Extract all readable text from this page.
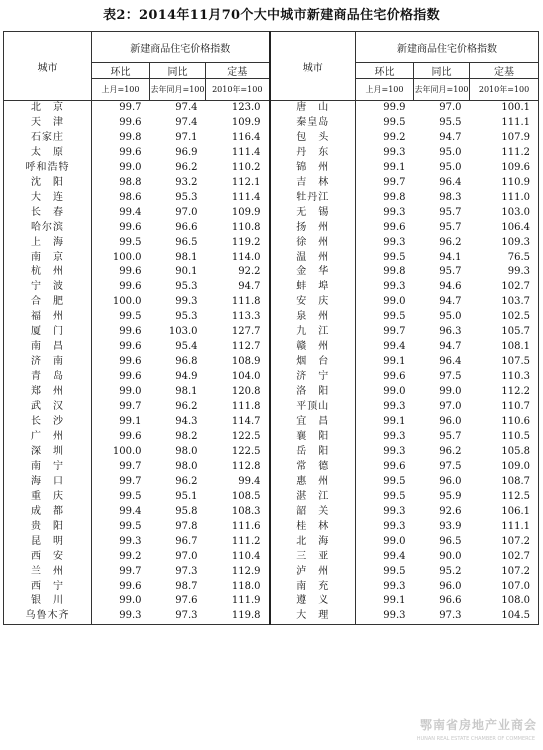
表2：2014年11月70个大中城市新建商品住宅价格指数
城市	新建商品住宅价格指数			城市	新建商品住宅价格指数		
	环比	同比	定基		环比	同比	定基
	上月=100	去年同月=100	2010年=100		上月=100	去年同月=100	2010年=100
北　京	99.7	97.4	123.0	唐　山	99.9	97.0	100.1
天　津	99.6	97.4	109.9	秦皇岛	99.5	95.5	111.1
石家庄	99.8	97.1	116.4	包　头	99.2	94.7	107.9
太　原	99.6	96.9	111.4	丹　东	99.3	95.0	111.2
呼和浩特	99.0	96.2	110.2	锦　州	99.1	95.0	109.6
沈　阳	98.8	93.2	112.1	吉　林	99.7	96.4	110.9
大　连	98.6	95.3	111.4	牡丹江	99.8	98.3	111.0
长　春	99.4	97.0	109.9	无　锡	99.3	95.7	103.0
哈尔滨	99.6	96.6	110.8	扬　州	99.6	95.7	106.4
上　海	99.5	96.5	119.2	徐　州	99.3	96.2	109.3
南　京	100.0	98.1	114.0	温　州	99.5	94.1	76.5
杭　州	99.6	90.1	92.2	金　华	99.8	95.7	99.3
宁　波	99.6	95.3	94.7	蚌　埠	99.3	94.6	102.7
合　肥	100.0	99.3	111.8	安　庆	99.0	94.7	103.7
福　州	99.5	95.3	113.3	泉　州	99.5	95.0	102.5
厦　门	99.6	103.0	127.7	九　江	99.7	96.3	105.7
南　昌	99.6	95.4	112.7	赣　州	99.4	94.7	108.1
济　南	99.6	96.8	108.9	烟　台	99.1	96.4	107.5
青　岛	99.6	94.9	104.0	济　宁	99.6	97.5	110.3
郑　州	99.0	98.1	120.8	洛　阳	99.0	99.0	112.2
武　汉	99.7	96.2	111.8	平顶山	99.3	97.0	110.7
长　沙	99.1	94.3	114.7	宜　昌	99.1	96.0	110.6
广　州	99.6	98.2	122.5	襄　阳	99.3	95.7	110.5
深　圳	100.0	98.0	122.5	岳　阳	99.3	96.2	105.8
南　宁	99.7	98.0	112.8	常　德	99.6	97.5	109.0
海　口	99.7	96.2	99.4	惠　州	99.5	96.0	108.7
重　庆	99.5	95.1	108.5	湛　江	99.5	95.9	112.5
成　都	99.4	95.8	108.3	韶　关	99.3	92.6	106.1
贵　阳	99.5	97.8	111.6	桂　林	99.3	93.9	111.1
昆　明	99.3	96.7	111.2	北　海	99.0	96.5	107.2
西　安	99.2	97.0	110.4	三　亚	99.4	90.0	102.7
兰　州	99.7	97.3	112.9	泸　州	99.5	95.2	107.2
西　宁	99.6	98.7	118.0	南　充	99.3	96.0	107.0
银　川	99.0	97.6	111.9	遵　义	99.1	96.6	108.0
乌鲁木齐	99.3	97.3	119.8	大　理	99.3	97.3	104.5
鄂南省房地产业商会
HUNAN REAL ESTATE CHAMBER OF COMMERCE
